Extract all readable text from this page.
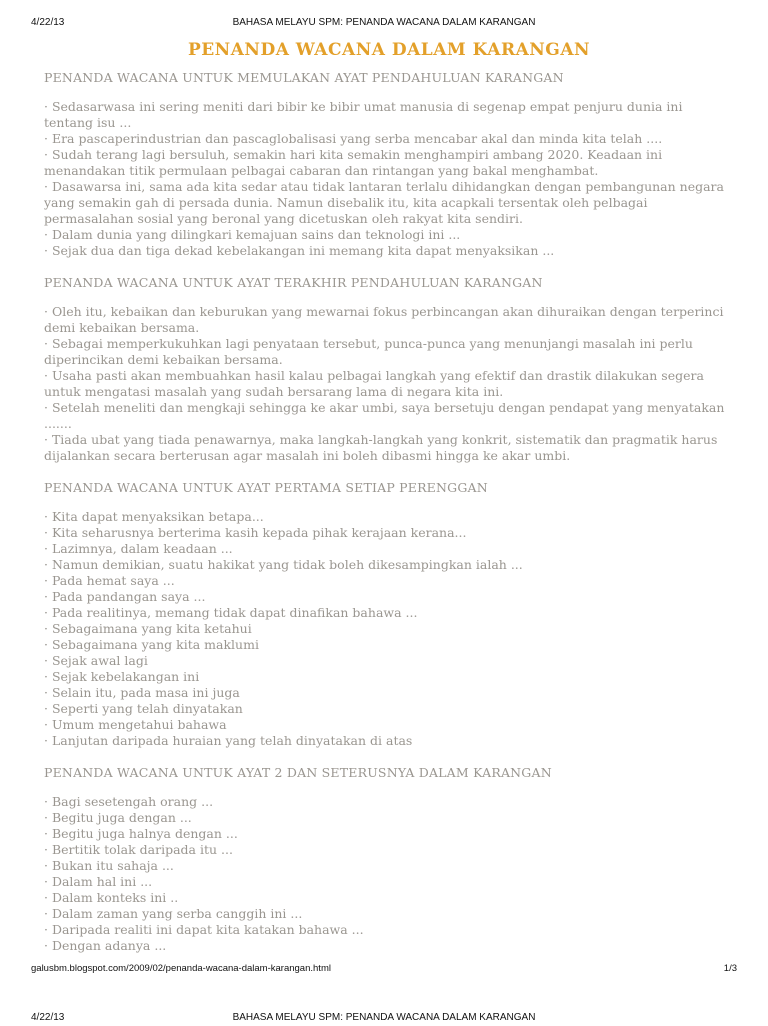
4/22/13	BAHASA MELAYU SPM: PENANDA WACANA DALAM KARANGAN
PENANDA WACANA DALAM KARANGAN
PENANDA WACANA UNTUK MEMULAKAN AYAT PENDAHULUAN KARANGAN
· Sedasarwasa ini sering meniti dari bibir ke bibir umat manusia di segenap empat penjuru dunia ini tentang isu ...
· Era pascaperindustrian dan pascaglobalisasi yang serba mencabar akal dan minda kita telah ....
· Sudah terang lagi bersuluh, semakin hari kita semakin menghampiri ambang 2020. Keadaan ini menandakan titik permulaan pelbagai cabaran dan rintangan yang bakal menghambat.
· Dasawarsa ini, sama ada kita sedar atau tidak lantaran terlalu dihidangkan dengan pembangunan negara yang semakin gah di persada dunia. Namun disebalik itu, kita acapkali tersentak oleh pelbagai permasalahan sosial yang beronal yang dicetuskan oleh rakyat kita sendiri.
· Dalam dunia yang dilingkari kemajuan sains dan teknologi ini ...
· Sejak dua dan tiga dekad kebelakangan ini memang kita dapat menyaksikan ...
PENANDA WACANA UNTUK AYAT TERAKHIR PENDAHULUAN KARANGAN
· Oleh itu, kebaikan dan keburukan yang mewarnai fokus perbincangan akan dihuraikan dengan terperinci demi kebaikan bersama.
· Sebagai memperkukuhkan lagi penyataan tersebut, punca-punca yang menunjangi masalah ini perlu diperincikan demi kebaikan bersama.
· Usaha pasti akan membuahkan hasil kalau pelbagai langkah yang efektif dan drastik dilakukan segera untuk mengatasi masalah yang sudah bersarang lama di negara kita ini.
· Setelah meneliti dan mengkaji sehingga ke akar umbi, saya bersetuju dengan pendapat yang menyatakan .......
· Tiada ubat yang tiada penawarnya, maka langkah-langkah yang konkrit, sistematik dan pragmatik harus dijalankan secara berterusan agar masalah ini boleh dibasmi hingga ke akar umbi.
PENANDA WACANA UNTUK AYAT PERTAMA SETIAP PERENGGAN
· Kita dapat menyaksikan betapa...
· Kita seharusnya berterima kasih kepada pihak kerajaan kerana...
· Lazimnya, dalam keadaan ...
· Namun demikian, suatu hakikat yang tidak boleh dikesampingkan ialah ...
· Pada hemat saya ...
· Pada pandangan saya ...
· Pada realitinya, memang tidak dapat dinafikan bahawa ...
· Sebagaimana yang kita ketahui
· Sebagaimana yang kita maklumi
· Sejak awal lagi
· Sejak kebelakangan ini
· Selain itu, pada masa ini juga
· Seperti yang telah dinyatakan
· Umum mengetahui bahawa
· Lanjutan daripada huraian yang telah dinyatakan di atas
PENANDA WACANA UNTUK AYAT 2 DAN SETERUSNYA DALAM KARANGAN
· Bagi sesetengah orang ...
· Begitu juga dengan ...
· Begitu juga halnya dengan ...
· Bertitik tolak daripada itu ...
· Bukan itu sahaja ...
· Dalam hal ini ...
· Dalam konteks ini ..
· Dalam zaman yang serba canggih ini ...
· Daripada realiti ini dapat kita katakan bahawa ...
· Dengan adanya ...
galusbm.blogspot.com/2009/02/penanda-wacana-dalam-karangan.html	1/3
4/22/13	BAHASA MELAYU SPM: PENANDA WACANA DALAM KARANGAN
